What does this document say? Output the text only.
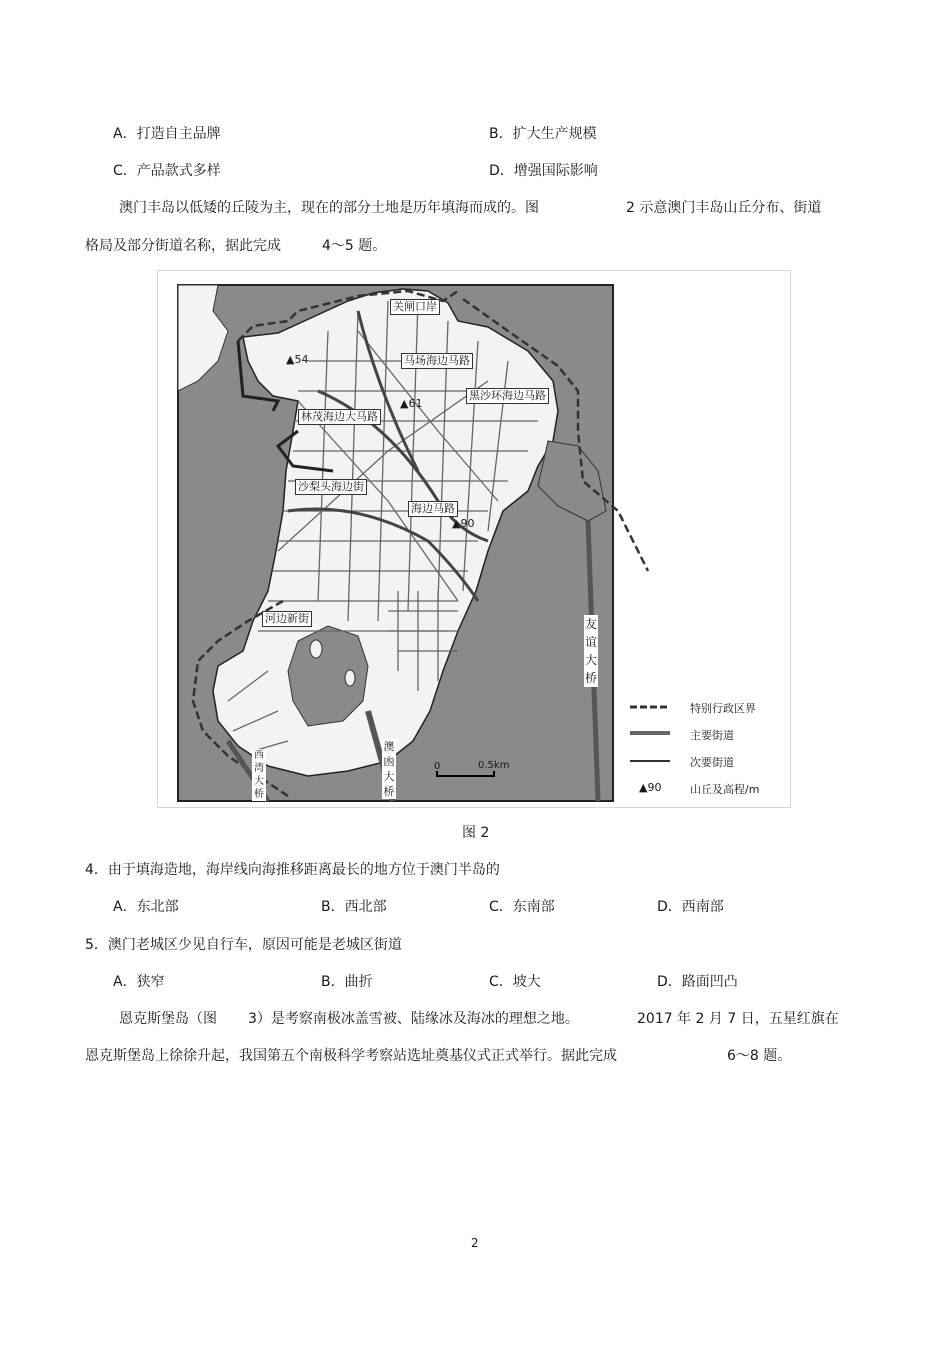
A．打造自主品牌	B．扩大生产规模
C．产品款式多样	D．增强国际影响
澳门丰岛以低矮的丘陵为主，现在的部分土地是历年填海而成的。图	2 示意澳门丰岛山丘分布、街道
格局及部分街道名称，据此完成	4～5 题。
关闸口岸
马场海边马路
黑沙环海边马路
林茂海边大马路
沙梨头海边街
海边马路
河边新街
▲54
▲61
▲90
友谊大桥
澳凼大桥
西湾大桥
0	0.5km
特别行政区界
主要街道
次要街道
▲90	山丘及高程/m
图 2
4．由于填海造地，海岸线向海推移距离最长的地方位于澳门半岛的
A．东北部	B．西北部	C．东南部	D．西南部
5．澳门老城区少见自行车，原因可能是老城区街道
A．狭窄	B．曲折	C．坡大	D．路面凹凸
恩克斯堡岛（图 3）是考察南极冰盖雪被、陆缘冰及海冰的理想之地。	2017 年 2 月 7 日，五星红旗在
恩克斯堡岛上徐徐升起，我国第五个南极科学考察站选址奠基仪式正式举行。据此完成	6～8 题。
2
